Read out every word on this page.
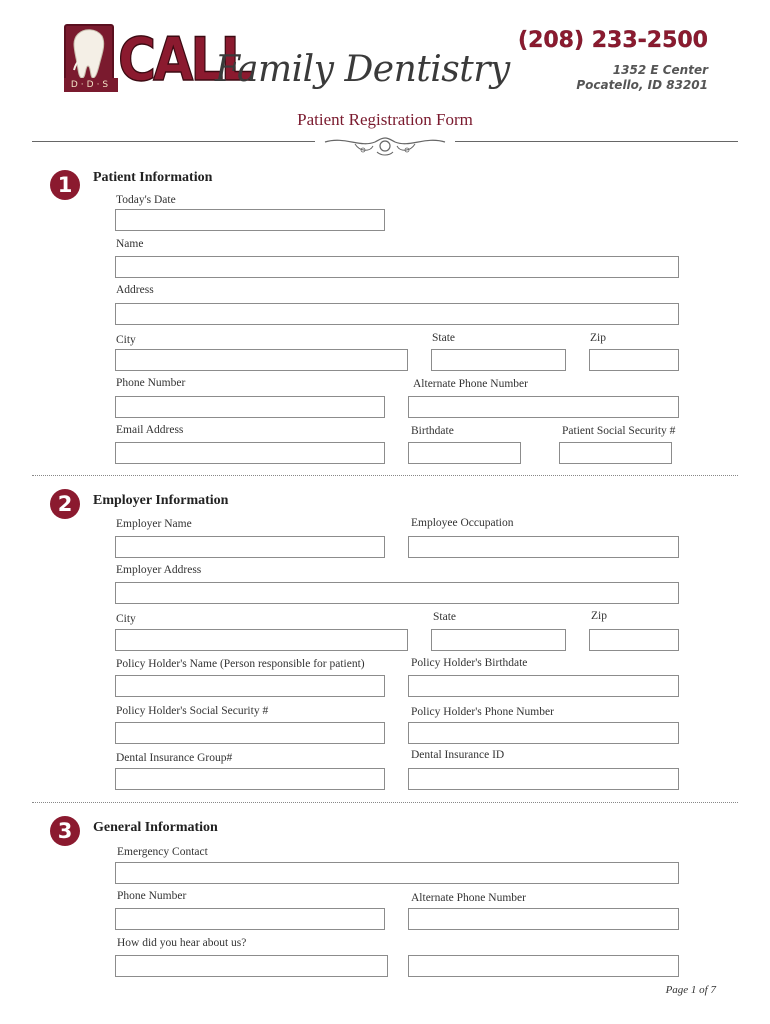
D·D·S CALL
Family Dentistry
(208) 233-2500
1352 E Center
Pocatello, ID 83201
Patient Registration Form
1	Patient Information
Today's Date
Name
Address
City	State	Zip
Phone Number	Alternate Phone Number
Email Address	Birthdate	Patient Social Security #
2	Employer Information
Employer Name	Employee Occupation
Employer Address
City	State	Zip
Policy Holder's Name (Person responsible for patient)	Policy Holder's Birthdate
Policy Holder's Social Security #	Policy Holder's Phone Number
Dental Insurance Group#	Dental Insurance ID
3	General Information
Emergency Contact
Phone Number	Alternate Phone Number
How did you hear about us?
Page 1 of 7
